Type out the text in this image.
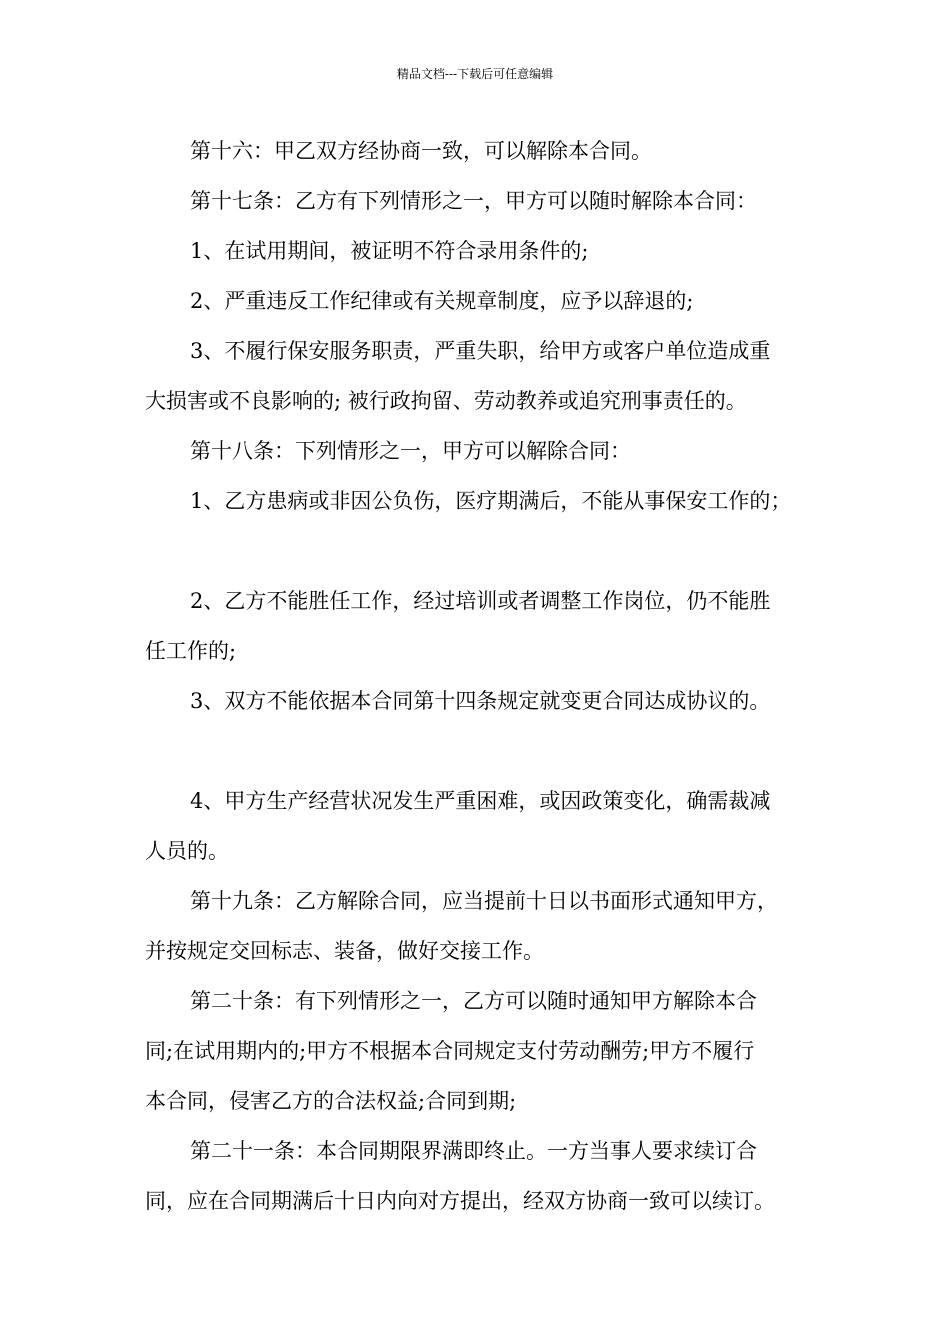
精品文档---下载后可任意编辑
第十六：甲乙双方经协商一致，可以解除本合同。
第十七条：乙方有下列情形之一，甲方可以随时解除本合同：
1、在试用期间，被证明不符合录用条件的;
2、严重违反工作纪律或有关规章制度，应予以辞退的;
3、不履行保安服务职责，严重失职，给甲方或客户单位造成重
大损害或不良影响的; 被行政拘留、劳动教养或追究刑事责任的。
第十八条：下列情形之一，甲方可以解除合同：
1、乙方患病或非因公负伤，医疗期满后，不能从事保安工作的；
2、乙方不能胜任工作，经过培训或者调整工作岗位，仍不能胜
任工作的;
3、双方不能依据本合同第十四条规定就变更合同达成协议的。
4、甲方生产经营状况发生严重困难，或因政策变化，确需裁减
人员的。
第十九条：乙方解除合同，应当提前十日以书面形式通知甲方，
并按规定交回标志、装备，做好交接工作。
第二十条：有下列情形之一，乙方可以随时通知甲方解除本合
同;在试用期内的;甲方不根据本合同规定支付劳动酬劳;甲方不履行
本合同，侵害乙方的合法权益;合同到期;
第二十一条：本合同期限界满即终止。一方当事人要求续订合
同，应在合同期满后十日内向对方提出，经双方协商一致可以续订。
